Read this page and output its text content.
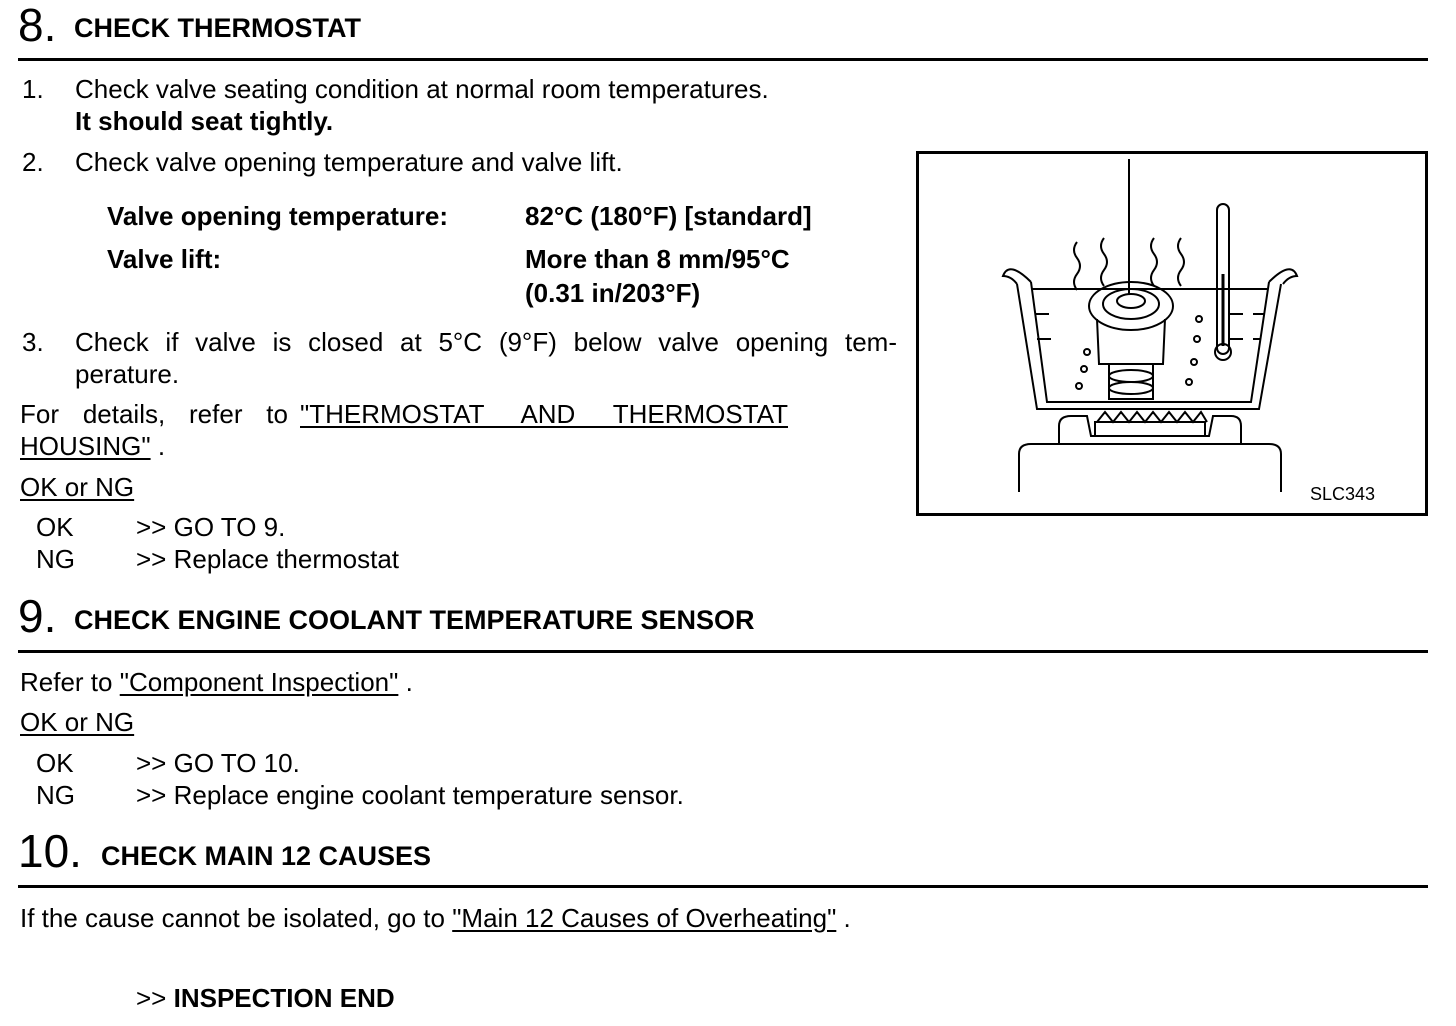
8. CHECK THERMOSTAT
1. Check valve seating condition at normal room temperatures.
It should seat tightly.
2. Check valve opening temperature and valve lift.
Valve opening temperature:	82°C (180°F) [standard]
Valve lift:	More than 8 mm/95°C
(0.31 in/203°F)
3. Check if valve is closed at 5°C (9°F) below valve opening tem-
perature.
For details, refer to "THERMOSTAT AND THERMOSTAT
HOUSING" .
OK or NG
OK >> GO TO 9.
NG >> Replace thermostat
SLC343
9. CHECK ENGINE COOLANT TEMPERATURE SENSOR
Refer to "Component Inspection" .
OK or NG
OK >> GO TO 10.
NG >> Replace engine coolant temperature sensor.
10. CHECK MAIN 12 CAUSES
If the cause cannot be isolated, go to "Main 12 Causes of Overheating" .
>> INSPECTION END
